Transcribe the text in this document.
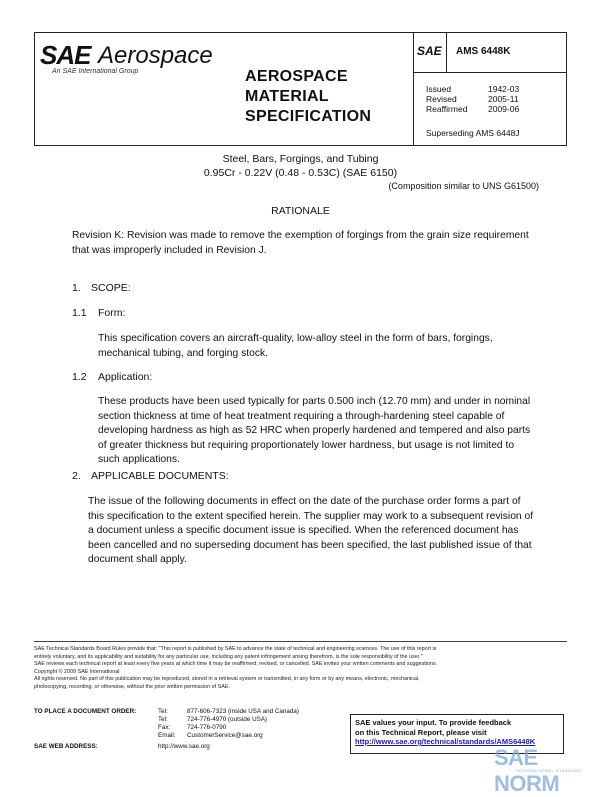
SAE Aerospace
An SAE International Group	AEROSPACE
MATERIAL
SPECIFICATION
SAE AMS 6448K
Issued	1942-03
Revised	2005-11
Reaffirmed 2009-06
Superseding AMS 6448J
Steel, Bars, Forgings, and Tubing
0.95Cr - 0.22V (0.48 - 0.53C) (SAE 6150)
(Composition similar to UNS G61500)
RATIONALE
Revision K: Revision was made to remove the exemption of forgings from the grain size requirement
that was improperly included in Revision J.
1. SCOPE:
1.1 Form:
This specification covers an aircraft-quality, low-alloy steel in the form of bars, forgings,
mechanical tubing, and forging stock.
1.2 Application:
These products have been used typically for parts 0.500 inch (12.70 mm) and under in nominal
section thickness at time of heat treatment requiring a through-hardening steel capable of
developing hardness as high as 52 HRC when properly hardened and tempered and also parts
of greater thickness but requiring proportionately lower hardness, but usage is not limited to
such applications.
2. APPLICABLE DOCUMENTS:
The issue of the following documents in effect on the date of the purchase order forms a part of
this specification to the extent specified herein. The supplier may work to a subsequent revision of
a document unless a specific document issue is specified. When the referenced document has
been cancelled and no superseding document has been specified, the last published issue of that
document shall apply.
SAE Technical Standards Board Rules provide that: "This report is published by SAE to advance the state of technical and engineering sciences. The use of this report is
entirely voluntary, and its applicability and suitability for any particular use, including any patent infringement arising therefrom, is the sole responsibility of the user."
SAE reviews each technical report at least every five years at which time it may be reaffirmed, revised, or cancelled. SAE invites your written comments and suggestions.
Copyright © 2009 SAE International
All rights reserved. No part of this publication may be reproduced, stored in a retrieval system or transmitted, in any form or by any means, electronic, mechanical,
photocopying, recording, or otherwise, without the prior written permission of SAE.
TO PLACE A DOCUMENT ORDER:	Tel:	877-606-7323 (inside USA and Canada)
Tel:	724-776-4970 (outside USA)
Fax:	724-776-0790
Email: CustomerService@sae.org
SAE WEB ADDRESS:	http://www.sae.org
SAE values your input. To provide feedback
on this Technical Report, please visit
http://www.sae.org/technical/standards/AMS6448K
SAE NORM
INTERNATIONAL STANDARD
